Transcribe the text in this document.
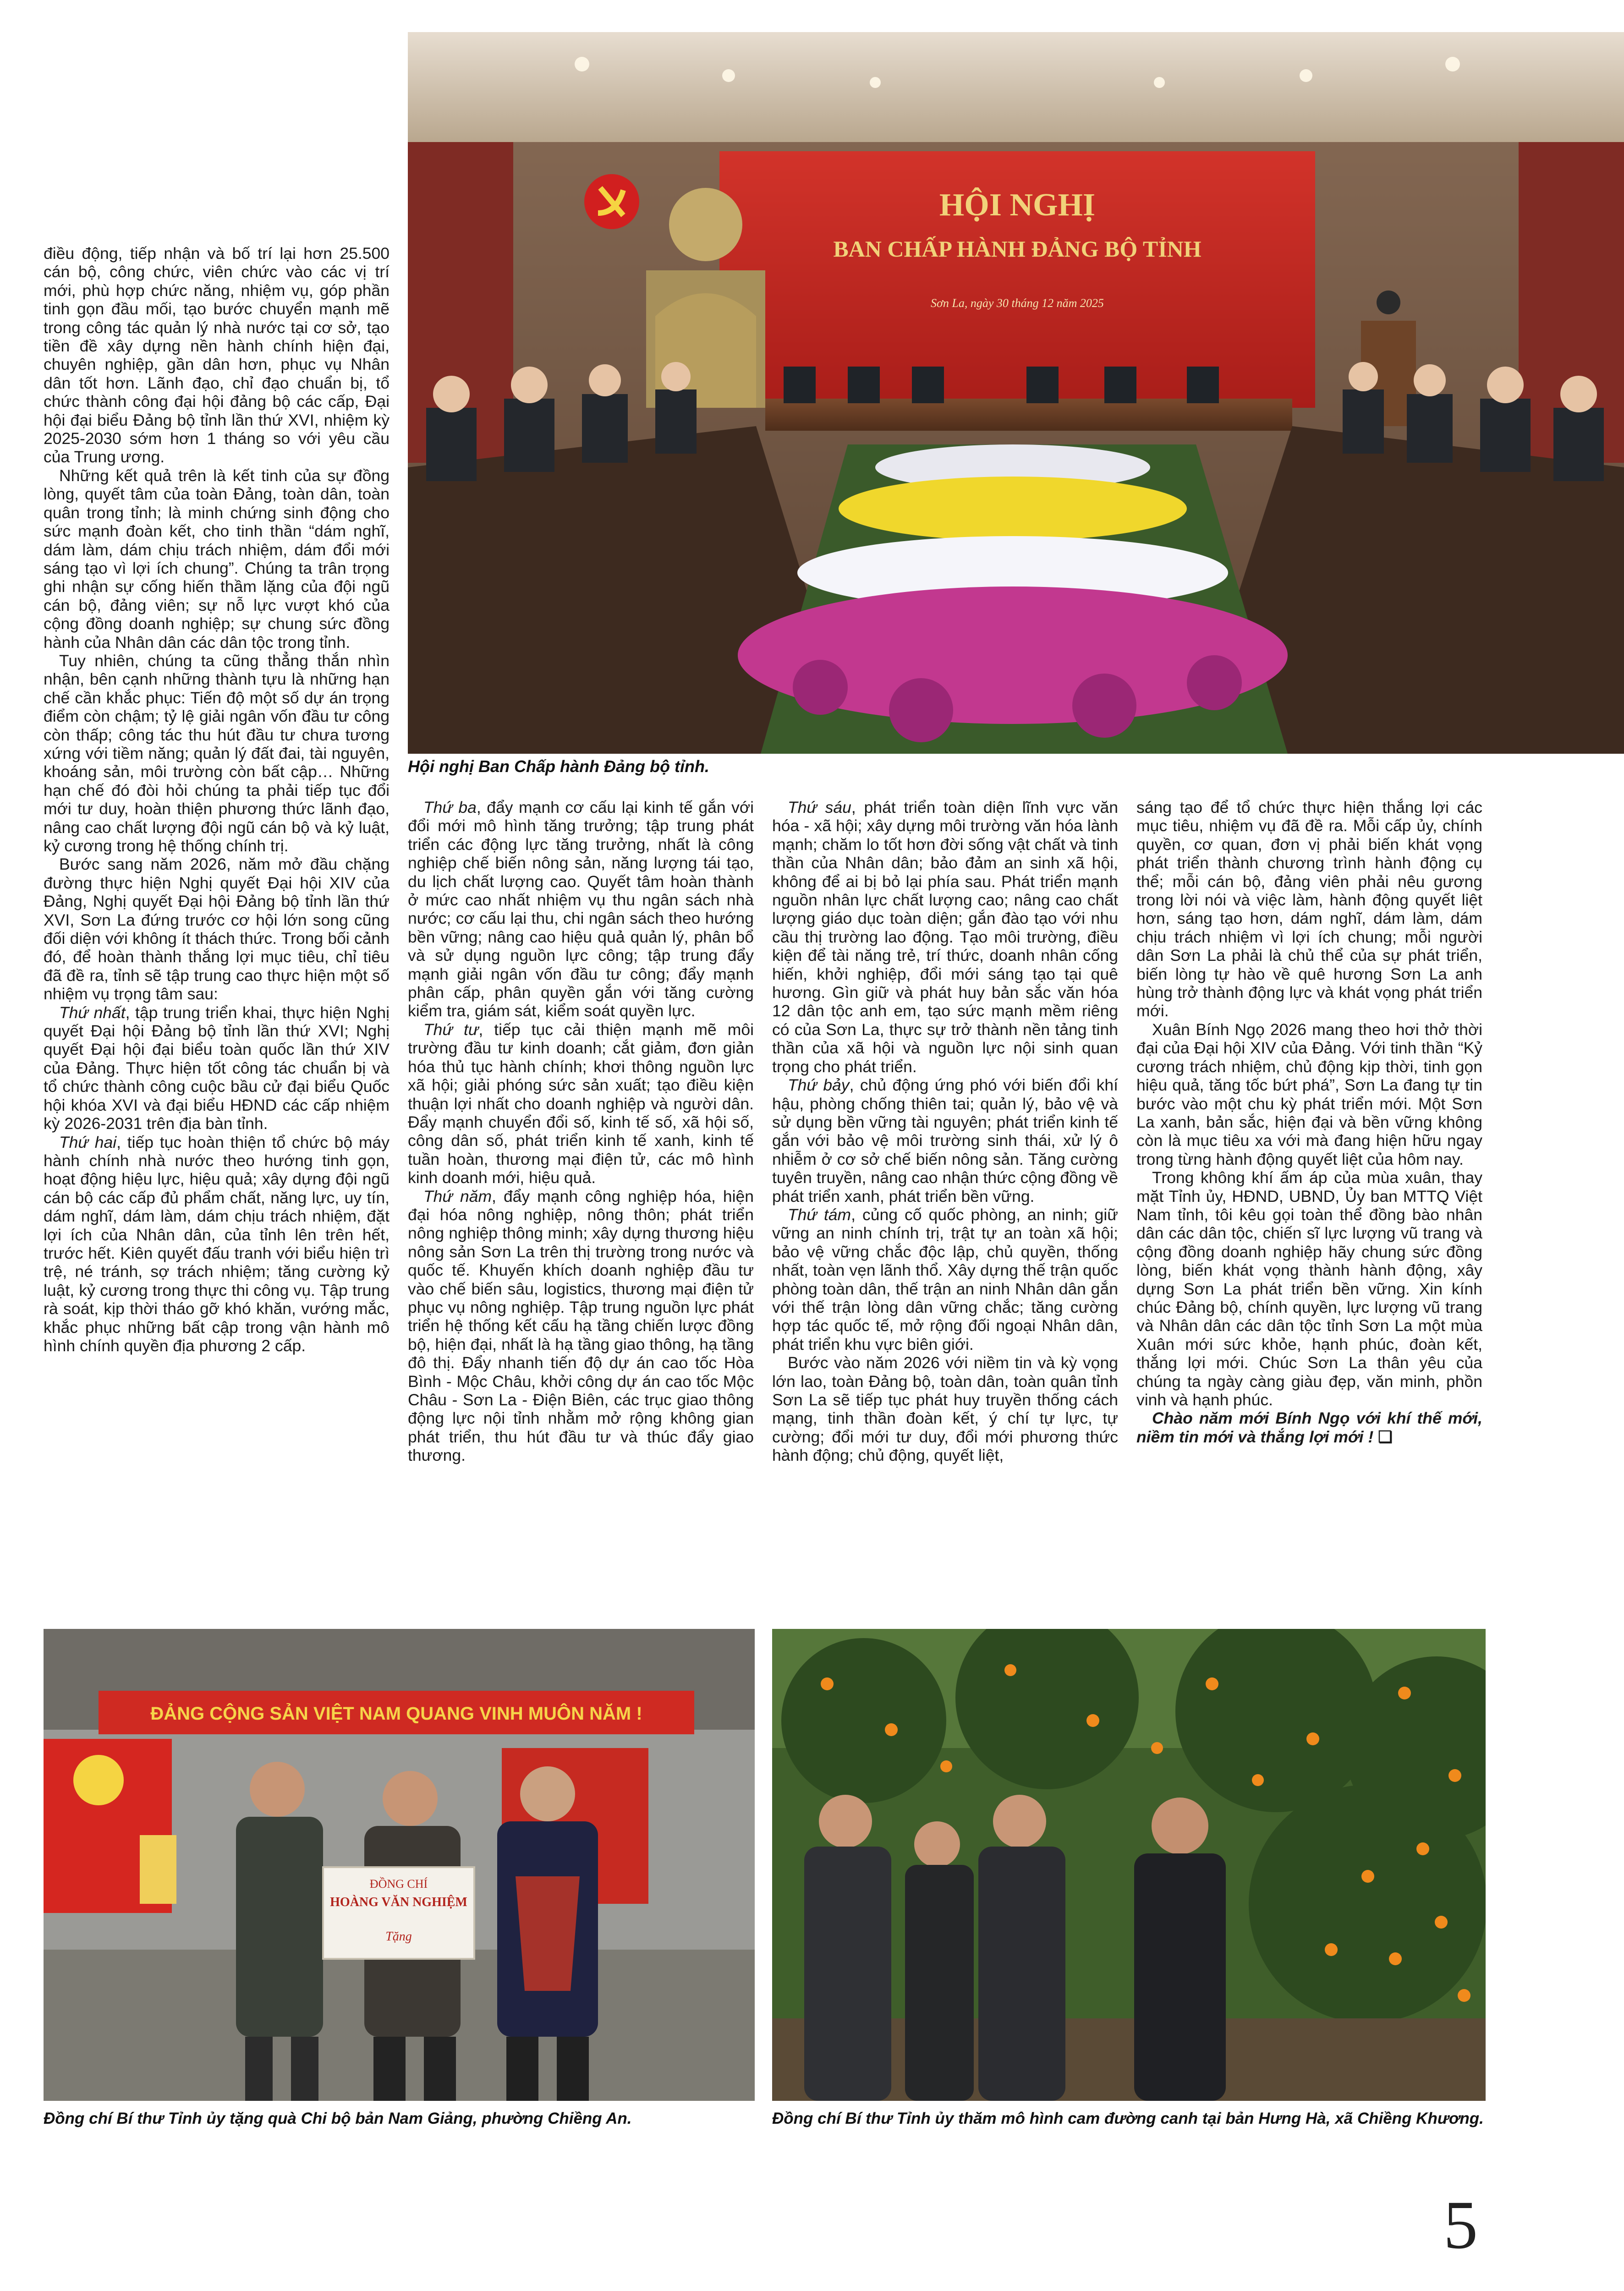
HỘI NGHỊ
BAN CHẤP HÀNH ĐẢNG BỘ TỈNH
Sơn La, ngày 30 tháng 12 năm 2025
Hội nghị Ban Chấp hành Đảng bộ tỉnh.

điều động, tiếp nhận và bố trí lại hơn 25.500 cán bộ, công chức, viên chức vào các vị trí mới, phù hợp chức năng, nhiệm vụ, góp phần tinh gọn đầu mối, tạo bước chuyển mạnh mẽ trong công tác quản lý nhà nước tại cơ sở, tạo tiền đề xây dựng nền hành chính hiện đại, chuyên nghiệp, gần dân hơn, phục vụ Nhân dân tốt hơn. Lãnh đạo, chỉ đạo chuẩn bị, tổ chức thành công đại hội đảng bộ các cấp, Đại hội đại biểu Đảng bộ tỉnh lần thứ XVI, nhiệm kỳ 2025-2030 sớm hơn 1 tháng so với yêu cầu của Trung ương.

Những kết quả trên là kết tinh của sự đồng lòng, quyết tâm của toàn Đảng, toàn dân, toàn quân trong tỉnh; là minh chứng sinh động cho sức mạnh đoàn kết, cho tinh thần “dám nghĩ, dám làm, dám chịu trách nhiệm, dám đổi mới sáng tạo vì lợi ích chung”. Chúng ta trân trọng ghi nhận sự cống hiến thầm lặng của đội ngũ cán bộ, đảng viên; sự nỗ lực vượt khó của cộng đồng doanh nghiệp; sự chung sức đồng hành của Nhân dân các dân tộc trong tỉnh.

Tuy nhiên, chúng ta cũng thẳng thắn nhìn nhận, bên cạnh những thành tựu là những hạn chế cần khắc phục: Tiến độ một số dự án trọng điểm còn chậm; tỷ lệ giải ngân vốn đầu tư công còn thấp; công tác thu hút đầu tư chưa tương xứng với tiềm năng; quản lý đất đai, tài nguyên, khoáng sản, môi trường còn bất cập… Những hạn chế đó đòi hỏi chúng ta phải tiếp tục đổi mới tư duy, hoàn thiện phương thức lãnh đạo, nâng cao chất lượng đội ngũ cán bộ và kỷ luật, kỷ cương trong hệ thống chính trị.

Bước sang năm 2026, năm mở đầu chặng đường thực hiện Nghị quyết Đại hội XIV của Đảng, Nghị quyết Đại hội Đảng bộ tỉnh lần thứ XVI, Sơn La đứng trước cơ hội lớn song cũng đối diện với không ít thách thức. Trong bối cảnh đó, để hoàn thành thắng lợi mục tiêu, chỉ tiêu đã đề ra, tỉnh sẽ tập trung cao thực hiện một số nhiệm vụ trọng tâm sau:

Thứ nhất, tập trung triển khai, thực hiện Nghị quyết Đại hội Đảng bộ tỉnh lần thứ XVI; Nghị quyết Đại hội đại biểu toàn quốc lần thứ XIV của Đảng. Thực hiện tốt công tác chuẩn bị và tổ chức thành công cuộc bầu cử đại biểu Quốc hội khóa XVI và đại biểu HĐND các cấp nhiệm kỳ 2026-2031 trên địa bàn tỉnh.

Thứ hai, tiếp tục hoàn thiện tổ chức bộ máy hành chính nhà nước theo hướng tinh gọn, hoạt động hiệu lực, hiệu quả; xây dựng đội ngũ cán bộ các cấp đủ phẩm chất, năng lực, uy tín, dám nghĩ, dám làm, dám chịu trách nhiệm, đặt lợi ích của Nhân dân, của tỉnh lên trên hết, trước hết. Kiên quyết đấu tranh với biểu hiện trì trệ, né tránh, sợ trách nhiệm; tăng cường kỷ luật, kỷ cương trong thực thi công vụ. Tập trung rà soát, kịp thời tháo gỡ khó khăn, vướng mắc, khắc phục những bất cập trong vận hành mô hình chính quyền địa phương 2 cấp.

Thứ ba, đẩy mạnh cơ cấu lại kinh tế gắn với đổi mới mô hình tăng trưởng; tập trung phát triển các động lực tăng trưởng, nhất là công nghiệp chế biến nông sản, năng lượng tái tạo, du lịch chất lượng cao. Quyết tâm hoàn thành ở mức cao nhất nhiệm vụ thu ngân sách nhà nước; cơ cấu lại thu, chi ngân sách theo hướng bền vững; nâng cao hiệu quả quản lý, phân bổ và sử dụng nguồn lực công; tập trung đẩy mạnh giải ngân vốn đầu tư công; đẩy mạnh phân cấp, phân quyền gắn với tăng cường kiểm tra, giám sát, kiểm soát quyền lực.

Thứ tư, tiếp tục cải thiện mạnh mẽ môi trường đầu tư kinh doanh; cắt giảm, đơn giản hóa thủ tục hành chính; khơi thông nguồn lực xã hội; giải phóng sức sản xuất; tạo điều kiện thuận lợi nhất cho doanh nghiệp và người dân. Đẩy mạnh chuyển đổi số, kinh tế số, xã hội số, công dân số, phát triển kinh tế xanh, kinh tế tuần hoàn, thương mại điện tử, các mô hình kinh doanh mới, hiệu quả.

Thứ năm, đẩy mạnh công nghiệp hóa, hiện đại hóa nông nghiệp, nông thôn; phát triển nông nghiệp thông minh; xây dựng thương hiệu nông sản Sơn La trên thị trường trong nước và quốc tế. Khuyến khích doanh nghiệp đầu tư vào chế biến sâu, logistics, thương mại điện tử phục vụ nông nghiệp. Tập trung nguồn lực phát triển hệ thống kết cấu hạ tầng chiến lược đồng bộ, hiện đại, nhất là hạ tầng giao thông, hạ tầng đô thị. Đẩy nhanh tiến độ dự án cao tốc Hòa Bình - Mộc Châu, khởi công dự án cao tốc Mộc Châu - Sơn La - Điện Biên, các trục giao thông động lực nội tỉnh nhằm mở rộng không gian phát triển, thu hút đầu tư và thúc đẩy giao thương.

Thứ sáu, phát triển toàn diện lĩnh vực văn hóa - xã hội; xây dựng môi trường văn hóa lành mạnh; chăm lo tốt hơn đời sống vật chất và tinh thần của Nhân dân; bảo đảm an sinh xã hội, không để ai bị bỏ lại phía sau. Phát triển mạnh nguồn nhân lực chất lượng cao; nâng cao chất lượng giáo dục toàn diện; gắn đào tạo với nhu cầu thị trường lao động. Tạo môi trường, điều kiện để tài năng trẻ, trí thức, doanh nhân cống hiến, khởi nghiệp, đổi mới sáng tạo tại quê hương. Gìn giữ và phát huy bản sắc văn hóa 12 dân tộc anh em, tạo sức mạnh mềm riêng có của Sơn La, thực sự trở thành nền tảng tinh thần của xã hội và nguồn lực nội sinh quan trọng cho phát triển.

Thứ bảy, chủ động ứng phó với biến đổi khí hậu, phòng chống thiên tai; quản lý, bảo vệ và sử dụng bền vững tài nguyên; phát triển kinh tế gắn với bảo vệ môi trường sinh thái, xử lý ô nhiễm ở cơ sở chế biến nông sản. Tăng cường tuyên truyền, nâng cao nhận thức cộng đồng về phát triển xanh, phát triển bền vững.

Thứ tám, củng cố quốc phòng, an ninh; giữ vững an ninh chính trị, trật tự an toàn xã hội; bảo vệ vững chắc độc lập, chủ quyền, thống nhất, toàn vẹn lãnh thổ. Xây dựng thế trận quốc phòng toàn dân, thế trận an ninh Nhân dân gắn với thế trận lòng dân vững chắc; tăng cường hợp tác quốc tế, mở rộng đối ngoại Nhân dân, phát triển khu vực biên giới.

Bước vào năm 2026 với niềm tin và kỳ vọng lớn lao, toàn Đảng bộ, toàn dân, toàn quân tỉnh Sơn La sẽ tiếp tục phát huy truyền thống cách mạng, tinh thần đoàn kết, ý chí tự lực, tự cường; đổi mới tư duy, đổi mới phương thức hành động; chủ động, quyết liệt,

sáng tạo để tổ chức thực hiện thắng lợi các mục tiêu, nhiệm vụ đã đề ra. Mỗi cấp ủy, chính quyền, cơ quan, đơn vị phải biến khát vọng phát triển thành chương trình hành động cụ thể; mỗi cán bộ, đảng viên phải nêu gương trong lời nói và việc làm, hành động quyết liệt hơn, sáng tạo hơn, dám nghĩ, dám làm, dám chịu trách nhiệm vì lợi ích chung; mỗi người dân Sơn La phải là chủ thể của sự phát triển, biến lòng tự hào về quê hương Sơn La anh hùng trở thành động lực và khát vọng phát triển mới.

Xuân Bính Ngọ 2026 mang theo hơi thở thời đại của Đại hội XIV của Đảng. Với tinh thần “Kỷ cương trách nhiệm, chủ động kịp thời, tinh gọn hiệu quả, tăng tốc bứt phá”, Sơn La đang tự tin bước vào một chu kỳ phát triển mới. Một Sơn La xanh, bản sắc, hiện đại và bền vững không còn là mục tiêu xa với mà đang hiện hữu ngay trong từng hành động quyết liệt của hôm nay.

Trong không khí ấm áp của mùa xuân, thay mặt Tỉnh ủy, HĐND, UBND, Ủy ban MTTQ Việt Nam tỉnh, tôi kêu gọi toàn thể đồng bào nhân dân các dân tộc, chiến sĩ lực lượng vũ trang và cộng đồng doanh nghiệp hãy chung sức đồng lòng, biến khát vọng thành hành động, xây dựng Sơn La phát triển bền vững. Xin kính chúc Đảng bộ, chính quyền, lực lượng vũ trang và Nhân dân các dân tộc tỉnh Sơn La một mùa Xuân mới sức khỏe, hạnh phúc, đoàn kết, thắng lợi mới. Chúc Sơn La thân yêu của chúng ta ngày càng giàu đẹp, văn minh, phồn vinh và hạnh phúc.

Chào năm mới Bính Ngọ với khí thế mới, niềm tin mới và thắng lợi mới ! ❏

ĐẢNG CỘNG SẢN VIỆT NAM QUANG VINH MUÔN NĂM !
ĐỒNG CHÍ
HOÀNG VĂN NGHIỆM
Tặng
Đồng chí Bí thư Tỉnh ủy tặng quà Chi bộ bản Nam Giảng, phường Chiềng An.	Đồng chí Bí thư Tỉnh ủy thăm mô hình cam đường canh tại bản Hưng Hà, xã Chiềng Khương.
5
